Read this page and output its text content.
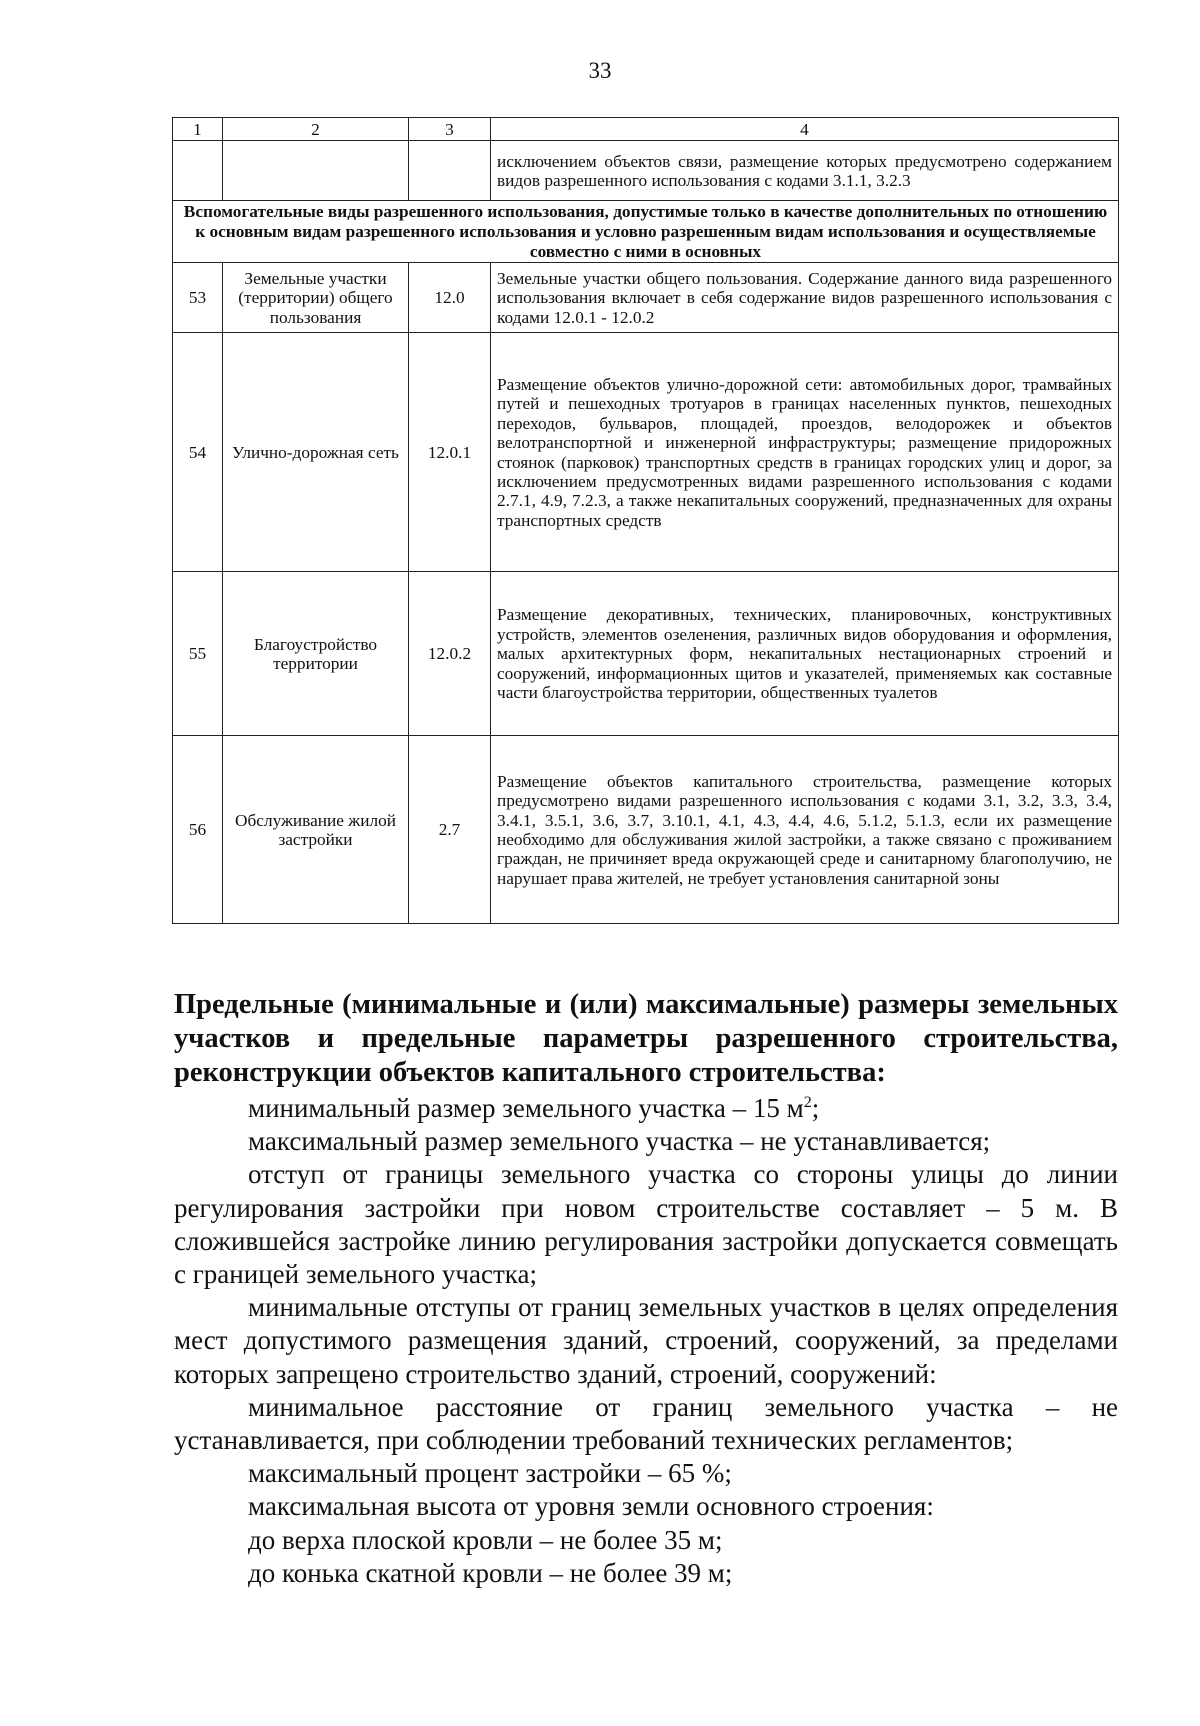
33
1	2	3	4
			исключением объектов связи, размещение которых предусмотрено содержанием видов разрешенного использования с кодами 3.1.1, 3.2.3
Вспомогательные виды разрешенного использования, допустимые только в качестве дополнительных по отношению к основным видам разрешенного использования и условно разрешенным видам использования и осуществляемые совместно с ними в основных			
53	Земельные участки (территории) общего пользования	12.0	Земельные участки общего пользования. Содержание данного вида разрешенного использования включает в себя содержание видов разрешенного использования с кодами 12.0.1 - 12.0.2
54	Улично-дорожная сеть	12.0.1	Размещение объектов улично-дорожной сети: автомобильных дорог, трамвайных путей и пешеходных тротуаров в границах населенных пунктов, пешеходных переходов, бульваров, площадей, проездов, велодорожек и объектов велотранспортной и инженерной инфраструктуры; размещение придорожных стоянок (парковок) транспортных средств в границах городских улиц и дорог, за исключением предусмотренных видами разрешенного использования с кодами 2.7.1, 4.9, 7.2.3, а также некапитальных сооружений, предназначенных для охраны транспортных средств
55	Благоустройство территории	12.0.2	Размещение декоративных, технических, планировочных, конструктивных устройств, элементов озеленения, различных видов оборудования и оформления, малых архитектурных форм, некапитальных нестационарных строений и сооружений, информационных щитов и указателей, применяемых как составные части благоустройства территории, общественных туалетов
56	Обслуживание жилой застройки	2.7	Размещение объектов капитального строительства, размещение которых предусмотрено видами разрешенного использования с кодами 3.1, 3.2, 3.3, 3.4, 3.4.1, 3.5.1, 3.6, 3.7, 3.10.1, 4.1, 4.3, 4.4, 4.6, 5.1.2, 5.1.3, если их размещение необходимо для обслуживания жилой застройки, а также связано с проживанием граждан, не причиняет вреда окружающей среде и санитарному благополучию, не нарушает права жителей, не требует установления санитарной зоны

Предельные (минимальные и (или) максимальные) размеры земельных участков и предельные параметры разрешенного строительства, реконструкции объектов капитального строительства:

минимальный размер земельного участка – 15 $м^2$;

максимальный размер земельного участка – не устанавливается;

отступ от границы земельного участка со стороны улицы до линии регулирования застройки при новом строительстве составляет – 5 м. В сложившейся застройке линию регулирования застройки допускается совмещать с границей земельного участка;

минимальные отступы от границ земельных участков в целях определения мест допустимого размещения зданий, строений, сооружений, за пределами которых запрещено строительство зданий, строений, сооружений:

минимальное расстояние от границ земельного участка – не устанавливается, при соблюдении требований технических регламентов;

максимальный процент застройки – 65 %;

максимальная высота от уровня земли основного строения:

до верха плоской кровли – не более 35 м;

до конька скатной кровли – не более 39 м;
